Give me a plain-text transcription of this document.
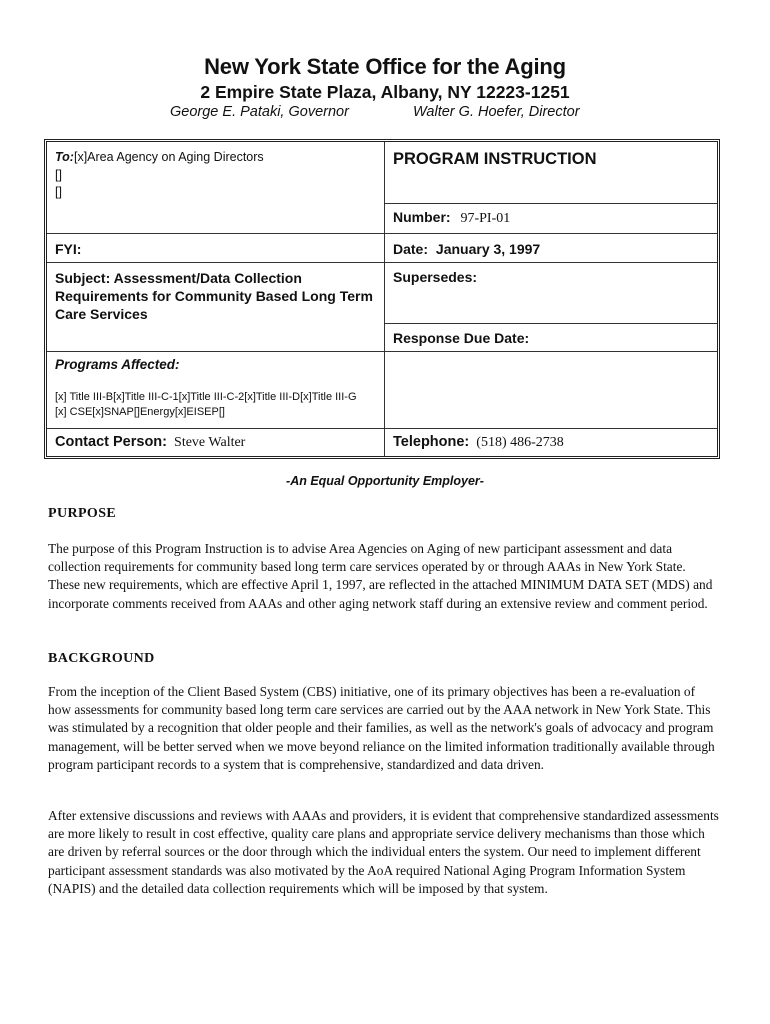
New York State Office for the Aging
2 Empire State Plaza, Albany, NY 12223-1251
George E. Pataki, Governor	Walter G. Hoefer, Director
To:[x]Area Agency on Aging Directors
[]
[]
PROGRAM INSTRUCTION
Number: 97-PI-01
FYI:	Date: January 3, 1997
Subject: Assessment/Data Collection Requirements for Community Based Long Term Care Services
Supersedes:
Response Due Date:
Programs Affected:
[x] Title III-B[x]Title III-C-1[x]Title III-C-2[x]Title III-D[x]Title III-G
[x] CSE[x]SNAP[]Energy[x]EISEP[]
Contact Person: Steve Walter	Telephone: (518) 486-2738
-An Equal Opportunity Employer-
PURPOSE
The purpose of this Program Instruction is to advise Area Agencies on Aging of new participant assessment and data collection requirements for community based long term care services operated by or through AAAs in New York State. These new requirements, which are effective April 1, 1997, are reflected in the attached MINIMUM DATA SET (MDS) and incorporate comments received from AAAs and other aging network staff during an extensive review and comment period.
BACKGROUND
From the inception of the Client Based System (CBS) initiative, one of its primary objectives has been a re-evaluation of how assessments for community based long term care services are carried out by the AAA network in New York State. This was stimulated by a recognition that older people and their families, as well as the network's goals of advocacy and program management, will be better served when we move beyond reliance on the limited information traditionally available through program participant records to a system that is comprehensive, standardized and data driven.
After extensive discussions and reviews with AAAs and providers, it is evident that comprehensive standardized assessments are more likely to result in cost effective, quality care plans and appropriate service delivery mechanisms than those which are driven by referral sources or the door through which the individual enters the system. Our need to implement different participant assessment standards was also motivated by the AoA required National Aging Program Information System (NAPIS) and the detailed data collection requirements which will be imposed by that system.
